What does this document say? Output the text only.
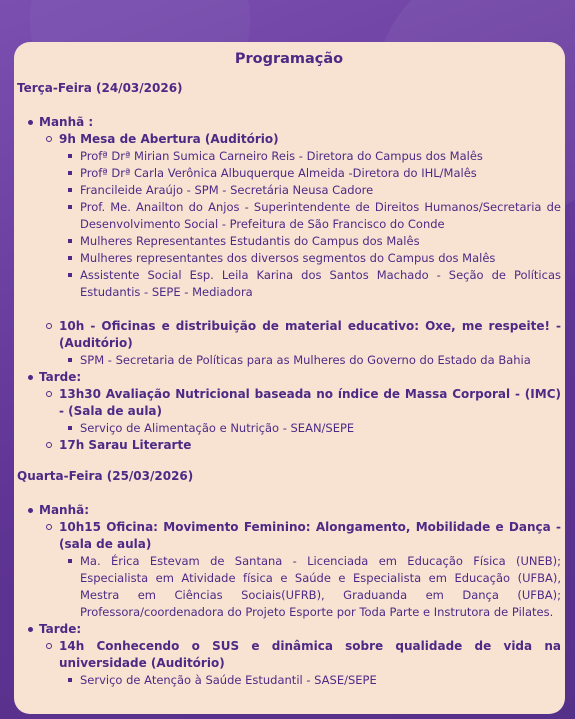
Programação
Terça-Feira (24/03/2026)
Manhã :
9h Mesa de Abertura (Auditório)
Profª Drª Mirian Sumica Carneiro Reis - Diretora do Campus dos Malês
Profª Drª Carla Verônica Albuquerque Almeida -Diretora do IHL/Malês
Francileide Araújo - SPM - Secretária Neusa Cadore
Prof. Me. Anailton do Anjos - Superintendente de Direitos Humanos/Secretaria de Desenvolvimento Social - Prefeitura de São Francisco do Conde
Mulheres Representantes Estudantis do Campus dos Malês
Mulheres representantes dos diversos segmentos do Campus dos Malês
Assistente Social Esp. Leila Karina dos Santos Machado - Seção de Políticas Estudantis - SEPE - Mediadora
10h - Oficinas e distribuição de material educativo: Oxe, me respeite! - (Auditório)
SPM - Secretaria de Políticas para as Mulheres do Governo do Estado da Bahia
Tarde:
13h30 Avaliação Nutricional baseada no índice de Massa Corporal - (IMC) - (Sala de aula)
Serviço de Alimentação e Nutrição - SEAN/SEPE
17h Sarau Literarte
Quarta-Feira (25/03/2026)
Manhã:
10h15 Oficina: Movimento Feminino: Alongamento, Mobilidade e Dança - (sala de aula)
Ma. Érica Estevam de Santana - Licenciada em Educação Física (UNEB); Especialista em Atividade física e Saúde e Especialista em Educação (UFBA), Mestra em Ciências Sociais(UFRB), Graduanda em Dança (UFBA); Professora/coordenadora do Projeto Esporte por Toda Parte e Instrutora de Pilates.
Tarde:
14h Conhecendo o SUS e dinâmica sobre qualidade de vida na universidade (Auditório)
Serviço de Atenção à Saúde Estudantil - SASE/SEPE
